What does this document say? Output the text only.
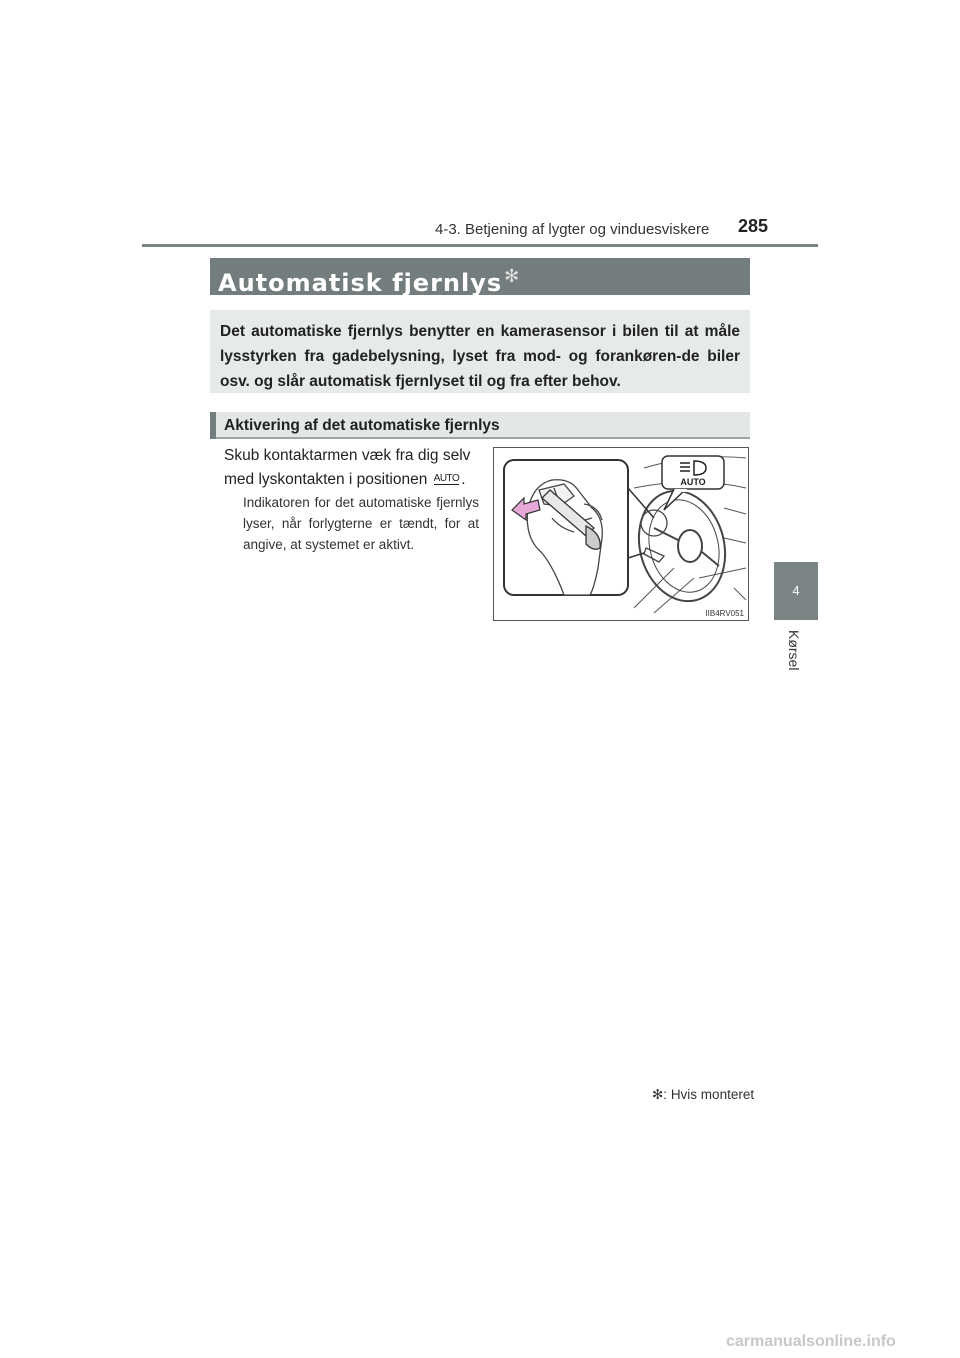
4-3. Betjening af lygter og vinduesviskere 285
4
Kørsel
Automatisk fjernlys ✻
Det automatiske fjernlys benytter en kamerasensor i bilen til at måle lysstyrken fra gadebelysning, lyset fra mod- og forankøren-de biler osv. og slår automatisk fjernlyset til og fra efter behov.
Aktivering af det automatiske fjernlys
Skub kontaktarmen væk fra dig selv med lyskontakten i positionen AUTO .
Indikatoren for det automatiske fjernlys lyser, når forlygterne er tændt, for at angive, at systemet er aktivt.
AUTO
IIB4RV051
✻: Hvis monteret
carmanualsonline.info
